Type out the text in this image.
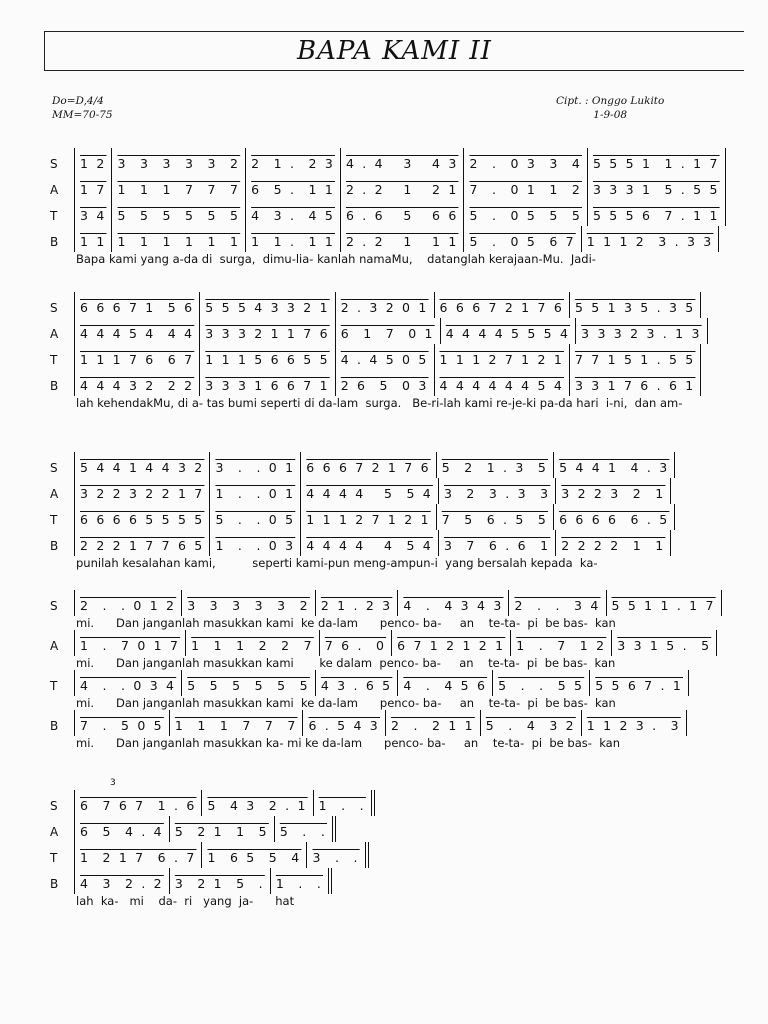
BAPA KAMI II
Do=D,4/4
MM=70-75
Cipt. : Onggo Lukito
1-9-08
S	1 2 3  3  3  3  3  2 2  1 .  2 3 4 . 4   3   4 3 2  .  0 3  3  4 5 5 5 1  1 . 1 7
A	1 7 1  1  1  7  7  7 6  5 .  1 1 2 . 2   1   2 1 7  .  0 1  1  2 3 3 3 1  5 . 5 5
T	3 4 5  5  5  5  5  5 4  3 .  4 5 6 . 6   5   6 6 5  .  0 5  5  5 5 5 5 6  7 . 1 1
B	1 1 1  1  1  1  1  1 1  1 .  1 1 2 . 2   1   1 1 5  .  0 5  6 7 1 1 1 2  3 . 3 3
Bapa kami yang a-da di  surga,  dimu-lia- kanlah namaMu,    datanglah kerajaan-Mu.  Jadi-
S	6 6 6 7 1  5 6 5 5 5 4 3 3 2 1 2 . 3 2 0 1 6 6 6 7 2 1 7 6 5 5 1 3 5 . 3 5
A	4 4 4 5 4  4 4 3 3 3 2 1 1 7 6 6  1  7  0 1 4 4 4 4 5 5 5 4 3 3 3 2 3 . 1 3
T	1 1 1 7 6  6 7 1 1 1 5 6 6 5 5 4 . 4 5 0 5 1 1 1 2 7 1 2 1 7 7 1 5 1 . 5 5
B	4 4 4 3 2  2 2 3 3 3 1 6 6 7 1 2 6  5  0 3 4 4 4 4 4 4 5 4 3 3 1 7 6 . 6 1
lah kehendakMu, di a- tas bumi seperti di da-lam  surga.   Be-ri-lah kami re-je-ki pa-da hari  i-ni,  dan am-
S	5 4 4 1 4 4 3 2 3  .  . 0 1 6 6 6 7 2 1 7 6 5  2  1 . 3  5 5 4 4 1  4 . 3
A	3 2 2 3 2 2 1 7 1  .  . 0 1 4 4 4 4   5  5 4 3  2  3 . 3  3 3 2 2 3  2  1
T	6 6 6 6 5 5 5 5 5  .  . 0 5 1 1 1 2 7 1 2 1 7  5  6 . 5  5 6 6 6 6  6 . 5
B	2 2 2 1 7 7 6 5 1  .  . 0 3 4 4 4 4   4  5 4 3  7  6 . 6  1 2 2 2 2  1  1
punilah kesalahan kami,          seperti kami-pun meng-ampun-i  yang bersalah kepada  ka-
S	2  .  . 0 1 2 3  3  3  3  3  2 2 1 . 2 3 4  .  4 3 4 3 2  .  .  3 4 5 5 1 1 . 1 7
mi.      Dan janganlah masukkan kami  ke da-lam      penco- ba-     an    te-ta-  pi  be bas-  kan
A	1  .  7 0 1 7 1  1  1  2  2  7 7 6 .  0 6 7 1 2 1 2 1 1  .  7  1 2 3 3 1 5 .  5
mi.      Dan janganlah masukkan kami       ke dalam  penco- ba-     an    te-ta-  pi  be bas-  kan
T	4  .  . 0 3 4 5  5  5  5  5  5 4 3 . 6 5 4  .  4 5 6 5  .  .  5 5 5 5 6 7 . 1
mi.      Dan janganlah masukkan kami  ke da-lam      penco- ba-     an    te-ta-  pi  be bas-  kan
B	7  .  5 0 5 1  1  1  7  7  7 6 . 5 4 3 2  .  2 1 1 5  .  4  3 2 1 1 2 3 .  3
mi.      Dan janganlah masukkan ka- mi ke da-lam      penco- ba-     an    te-ta-  pi  be bas-  kan
3
S	6  7 6 7  1 . 6 5  4 3  2 . 1 1  .  .
A	6  5  4 . 4 5  2 1  1  5 5  .  .
T	1  2 1 7  6 . 7 1  6 5  5  4 3  .  .
B	4  3  2 . 2 3  2 1  5  . 1  .  .
lah  ka-   mi    da-  ri   yang  ja-      hat
